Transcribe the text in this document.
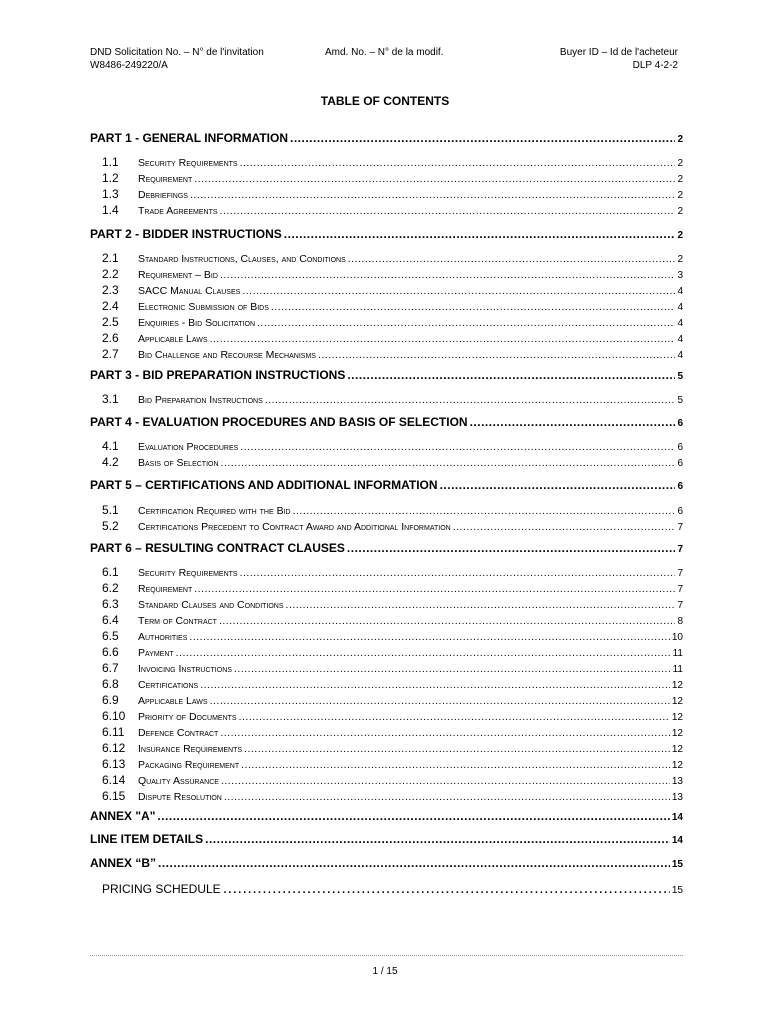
DND Solicitation No. – N° de l'invitation
W8486-249220/A
Amd. No. – N° de la modif.	Buyer ID – Id de l'acheteur
DLP 4-2-2
TABLE OF CONTENTS
PART 1 - GENERAL INFORMATION .....	2
1.1	Security Requirements .....	2
1.2	Requirement .....	2
1.3	Debriefings .....	2
1.4	Trade Agreements .....	2
PART 2 - BIDDER INSTRUCTIONS .....	2
2.1	Standard Instructions, Clauses, and Conditions .....	2
2.2	Requirement – Bid .....	3
2.3	SACC Manual Clauses .....	4
2.4	Electronic Submission of Bids .....	4
2.5	Enquiries - Bid Solicitation .....	4
2.6	Applicable Laws .....	4
2.7	Bid Challenge and Recourse Mechanisms .....	4
PART 3 - BID PREPARATION INSTRUCTIONS .....	5
3.1	Bid Preparation Instructions .....	5
PART 4 - EVALUATION PROCEDURES AND BASIS OF SELECTION .....	6
4.1	Evaluation Procedures .....	6
4.2	Basis of Selection .....	6
PART 5 – CERTIFICATIONS AND ADDITIONAL INFORMATION .....	6
5.1	Certification Required with the Bid .....	6
5.2	Certifications Precedent to Contract Award and Additional Information .....	7
PART 6 – RESULTING CONTRACT CLAUSES .....	7
6.1	Security Requirements .....	7
6.2	Requirement .....	7
6.3	Standard Clauses and Conditions .....	7
6.4	Term of Contract .....	8
6.5	Authorities .....	10
6.6	Payment .....	11
6.7	Invoicing Instructions .....	11
6.8	Certifications .....	12
6.9	Applicable Laws .....	12
6.10	Priority of Documents .....	12
6.11	Defence Contract .....	12
6.12	Insurance Requirements .....	12
6.13	Packaging Requirement .....	12
6.14	Quality Assurance .....	13
6.15	Dispute Resolution .....	13
ANNEX "A" .....	14
LINE ITEM DETAILS .....	14
ANNEX “B” .....	15
PRICING SCHEDULE .....	15
1 / 15
